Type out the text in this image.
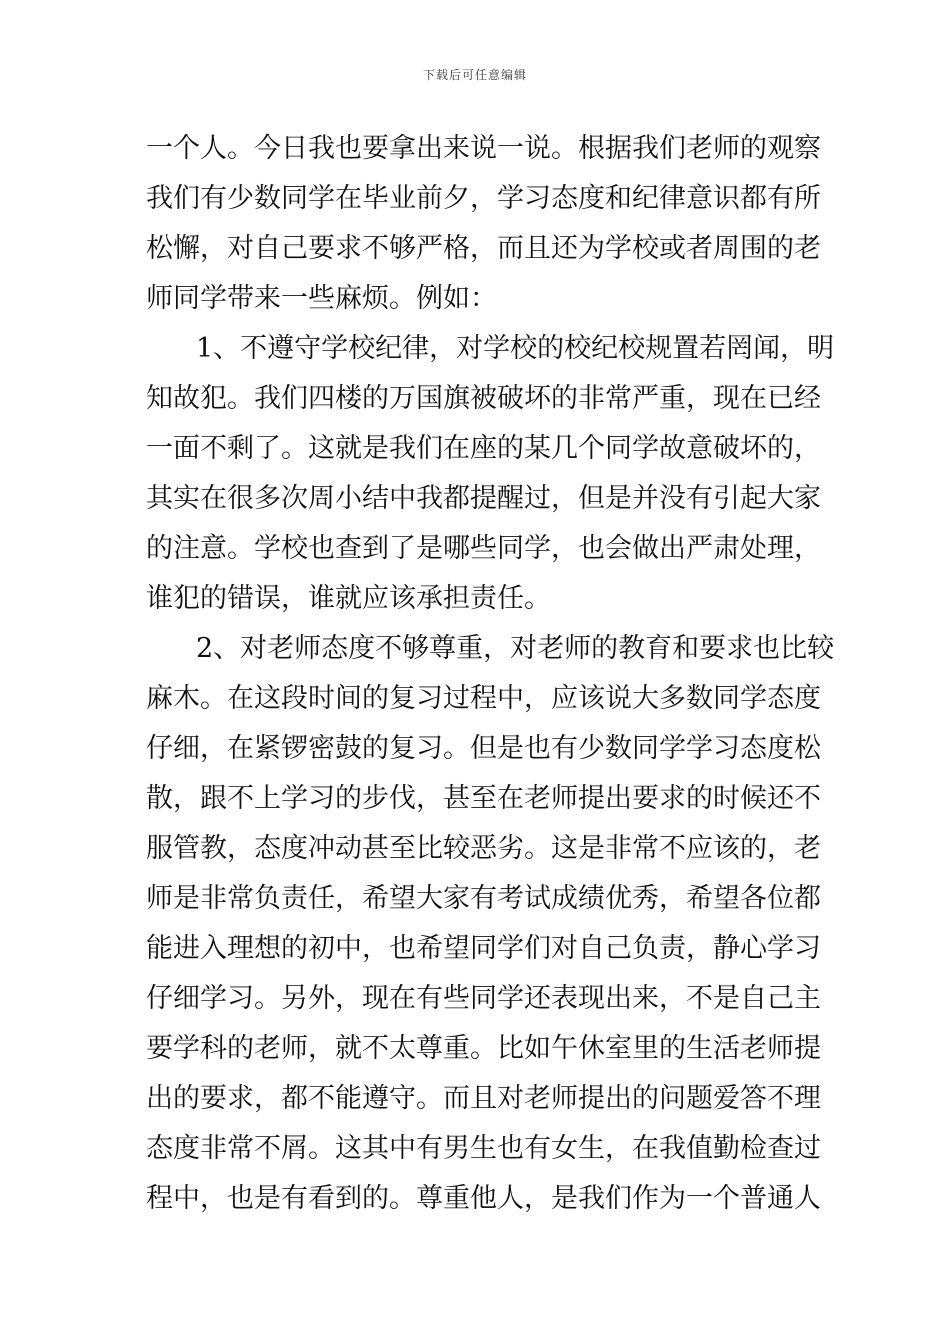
下载后可任意编辑
一个人。今日我也要拿出来说一说。根据我们老师的观察
我们有少数同学在毕业前夕，学习态度和纪律意识都有所
松懈，对自己要求不够严格，而且还为学校或者周围的老
师同学带来一些麻烦。例如：
1、不遵守学校纪律，对学校的校纪校规置若罔闻，明
知故犯。我们四楼的万国旗被破坏的非常严重，现在已经
一面不剩了。这就是我们在座的某几个同学故意破坏的，
其实在很多次周小结中我都提醒过，但是并没有引起大家
的注意。学校也查到了是哪些同学，也会做出严肃处理，
谁犯的错误，谁就应该承担责任。
2、对老师态度不够尊重，对老师的教育和要求也比较
麻木。在这段时间的复习过程中，应该说大多数同学态度
仔细，在紧锣密鼓的复习。但是也有少数同学学习态度松
散，跟不上学习的步伐，甚至在老师提出要求的时候还不
服管教，态度冲动甚至比较恶劣。这是非常不应该的，老
师是非常负责任，希望大家有考试成绩优秀，希望各位都
能进入理想的初中，也希望同学们对自己负责，静心学习
仔细学习。另外，现在有些同学还表现出来，不是自己主
要学科的老师，就不太尊重。比如午休室里的生活老师提
出的要求，都不能遵守。而且对老师提出的问题爱答不理
态度非常不屑。这其中有男生也有女生，在我值勤检查过
程中，也是有看到的。尊重他人，是我们作为一个普通人
